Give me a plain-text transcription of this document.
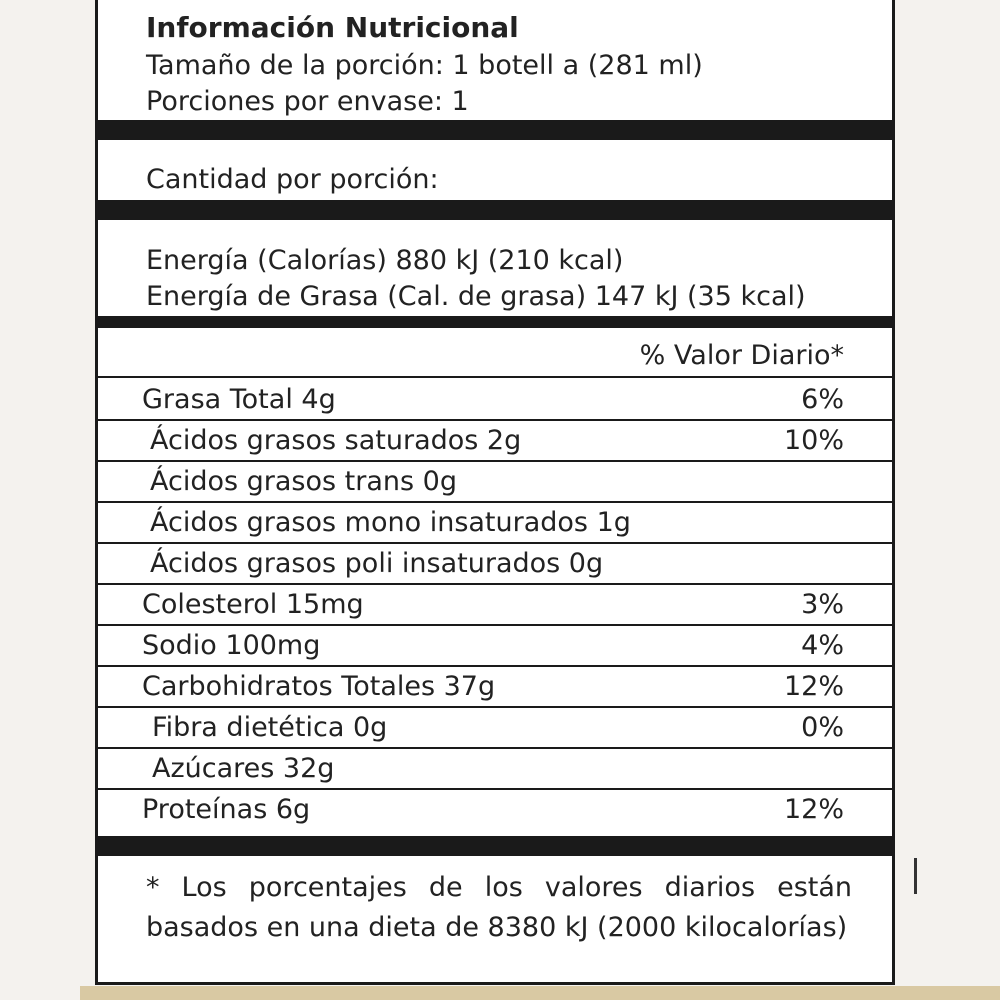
Información Nutricional
Tamaño de la porción: 1 botell a (281 ml)
Porciones por envase: 1
Cantidad por porción:
Energía (Calorías) 880 kJ (210 kcal)
Energía de Grasa (Cal. de grasa) 147 kJ (35 kcal)
% Valor Diario*
Grasa Total 4g	6%
Ácidos grasos saturados 2g	10%
Ácidos grasos trans 0g
Ácidos grasos mono insaturados 1g
Ácidos grasos poli insaturados 0g
Colesterol 15mg	3%
Sodio 100mg	4%
Carbohidratos Totales 37g	12%
Fibra dietética 0g	0%
Azúcares 32g
Proteínas 6g	12%
* Los porcentajes de los valores diarios están basados en una dieta de 8380 kJ (2000 kilocalorías)
